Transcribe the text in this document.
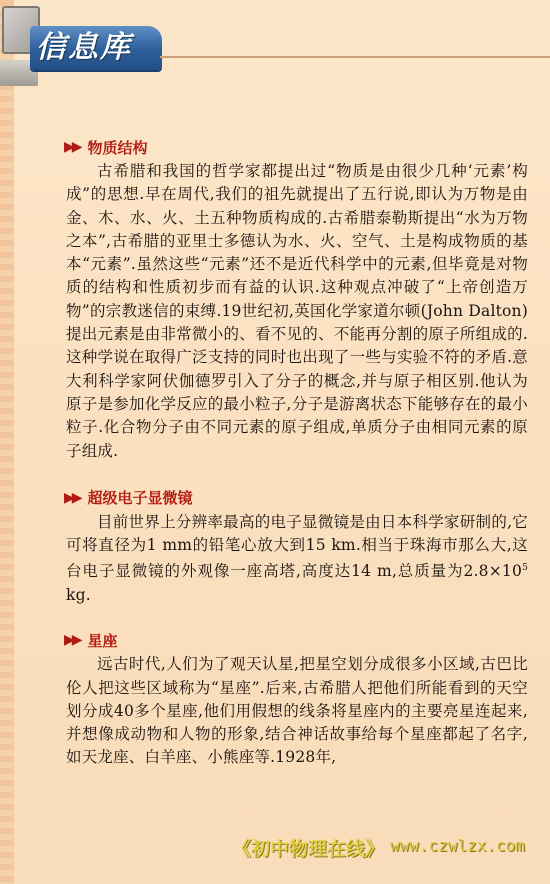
信息库
▶▶ 物质结构

古希腊和我国的哲学家都提出过“物质是由很少几种‘元素’构成”的思想.早在周代,我们的祖先就提出了五行说,即认为万物是由金、木、水、火、土五种物质构成的.古希腊泰勒斯提出“水为万物之本”,古希腊的亚里士多德认为水、火、空气、土是构成物质的基本“元素”.虽然这些“元素”还不是近代科学中的元素,但毕竟是对物质的结构和性质初步而有益的认识.这种观点冲破了“上帝创造万物”的宗教迷信的束缚.19世纪初,英国化学家道尔顿(John Dalton)提出元素是由非常微小的、看不见的、不能再分割的原子所组成的.这种学说在取得广泛支持的同时也出现了一些与实验不符的矛盾.意大利科学家阿伏伽德罗引入了分子的概念,并与原子相区别.他认为原子是参加化学反应的最小粒子,分子是游离状态下能够存在的最小粒子.化合物分子由不同元素的原子组成,单质分子由相同元素的原子组成.

▶▶ 超级电子显微镜

目前世界上分辨率最高的电子显微镜是由日本科学家研制的,它可将直径为1 mm的铅笔心放大到15 km.相当于珠海市那么大,这台电子显微镜的外观像一座高塔,高度达14 m,总质量为$2.8\times 10^5$ kg.

▶▶ 星座

远古时代,人们为了观天认星,把星空划分成很多小区域,古巴比伦人把这些区域称为“星座”.后来,古希腊人把他们所能看到的天空划分成40多个星座,他们用假想的线条将星座内的主要亮星连起来,并想像成动物和人物的形象,结合神话故事给每个星座都起了名字,如天龙座、白羊座、小熊座等.1928年,

《初中物理在线》 www.czwlzx.com
